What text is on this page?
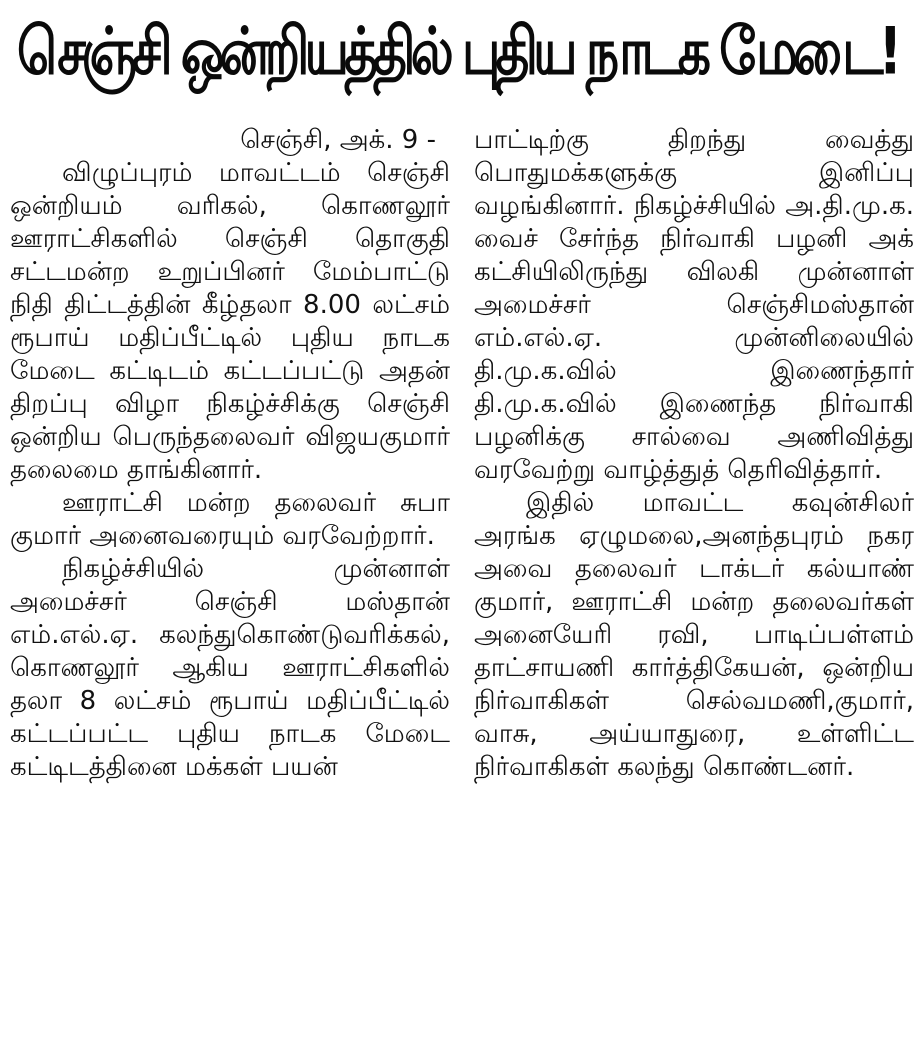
செஞ்சி ஒன்றியத்தில் புதிய நாடக மேடை!

செஞ்சி, அக். 9 -

விழுப்புரம் மாவட்டம் செஞ்சி ஒன்றியம் வரிகல், கொணலூர் ஊராட்சிகளில் செஞ்சி தொகுதி சட்டமன்ற உறுப்பினர் மேம்பாட்டு நிதி திட்டத்தின் கீழ்தலா 8.00 லட்சம் ரூபாய் மதிப்பீட்டில் புதிய நாடக மேடை கட்டிடம் கட்டப்பட்டு அதன் திறப்பு விழா நிகழ்ச்சிக்கு செஞ்சி ஒன்றிய பெருந்தலைவர் விஜயகுமார் தலைமை தாங்கினார்.

ஊராட்சி மன்ற தலைவர் சுபா குமார் அனைவரையும் வரவேற்றார்.

நிகழ்ச்சியில் முன்னாள் அமைச்சர் செஞ்சி மஸ்தான் எம்.எல்.ஏ. கலந்துகொண்டுவரிக்கல், கொணலூர் ஆகிய ஊராட்சிகளில் தலா 8 லட்சம் ரூபாய் மதிப்பீட்டில் கட்டப்பட்ட புதிய நாடக மேடை கட்டிடத்தினை மக்கள் பயன்

பாட்டிற்கு திறந்து வைத்து பொதுமக்களுக்கு இனிப்பு வழங்கினார். நிகழ்ச்சியில் அ.தி.மு.க. வைச் சேர்ந்த நிர்வாகி பழனி அக் கட்சியிலிருந்து விலகி முன்னாள் அமைச்சர் செஞ்சிமஸ்தான் எம்.எல்.ஏ. முன்னிலையில் தி.மு.க.வில் இணைந்தார் தி.மு.க.வில் இணைந்த நிர்வாகி பழனிக்கு சால்வை அணிவித்து வரவேற்று வாழ்த்துத் தெரிவித்தார்.

இதில் மாவட்ட கவுன்சிலர் அரங்க ஏழுமலை,அனந்தபுரம் நகர அவை தலைவர் டாக்டர் கல்யாண் குமார், ஊராட்சி மன்ற தலைவர்கள் அனையேரி ரவி, பாடிப்பள்ளம் தாட்சாயணி கார்த்திகேயன், ஒன்றிய நிர்வாகிகள் செல்வமணி,குமார், வாசு, அய்யாதுரை, உள்ளிட்ட நிர்வாகிகள் கலந்து கொண்டனர்.
